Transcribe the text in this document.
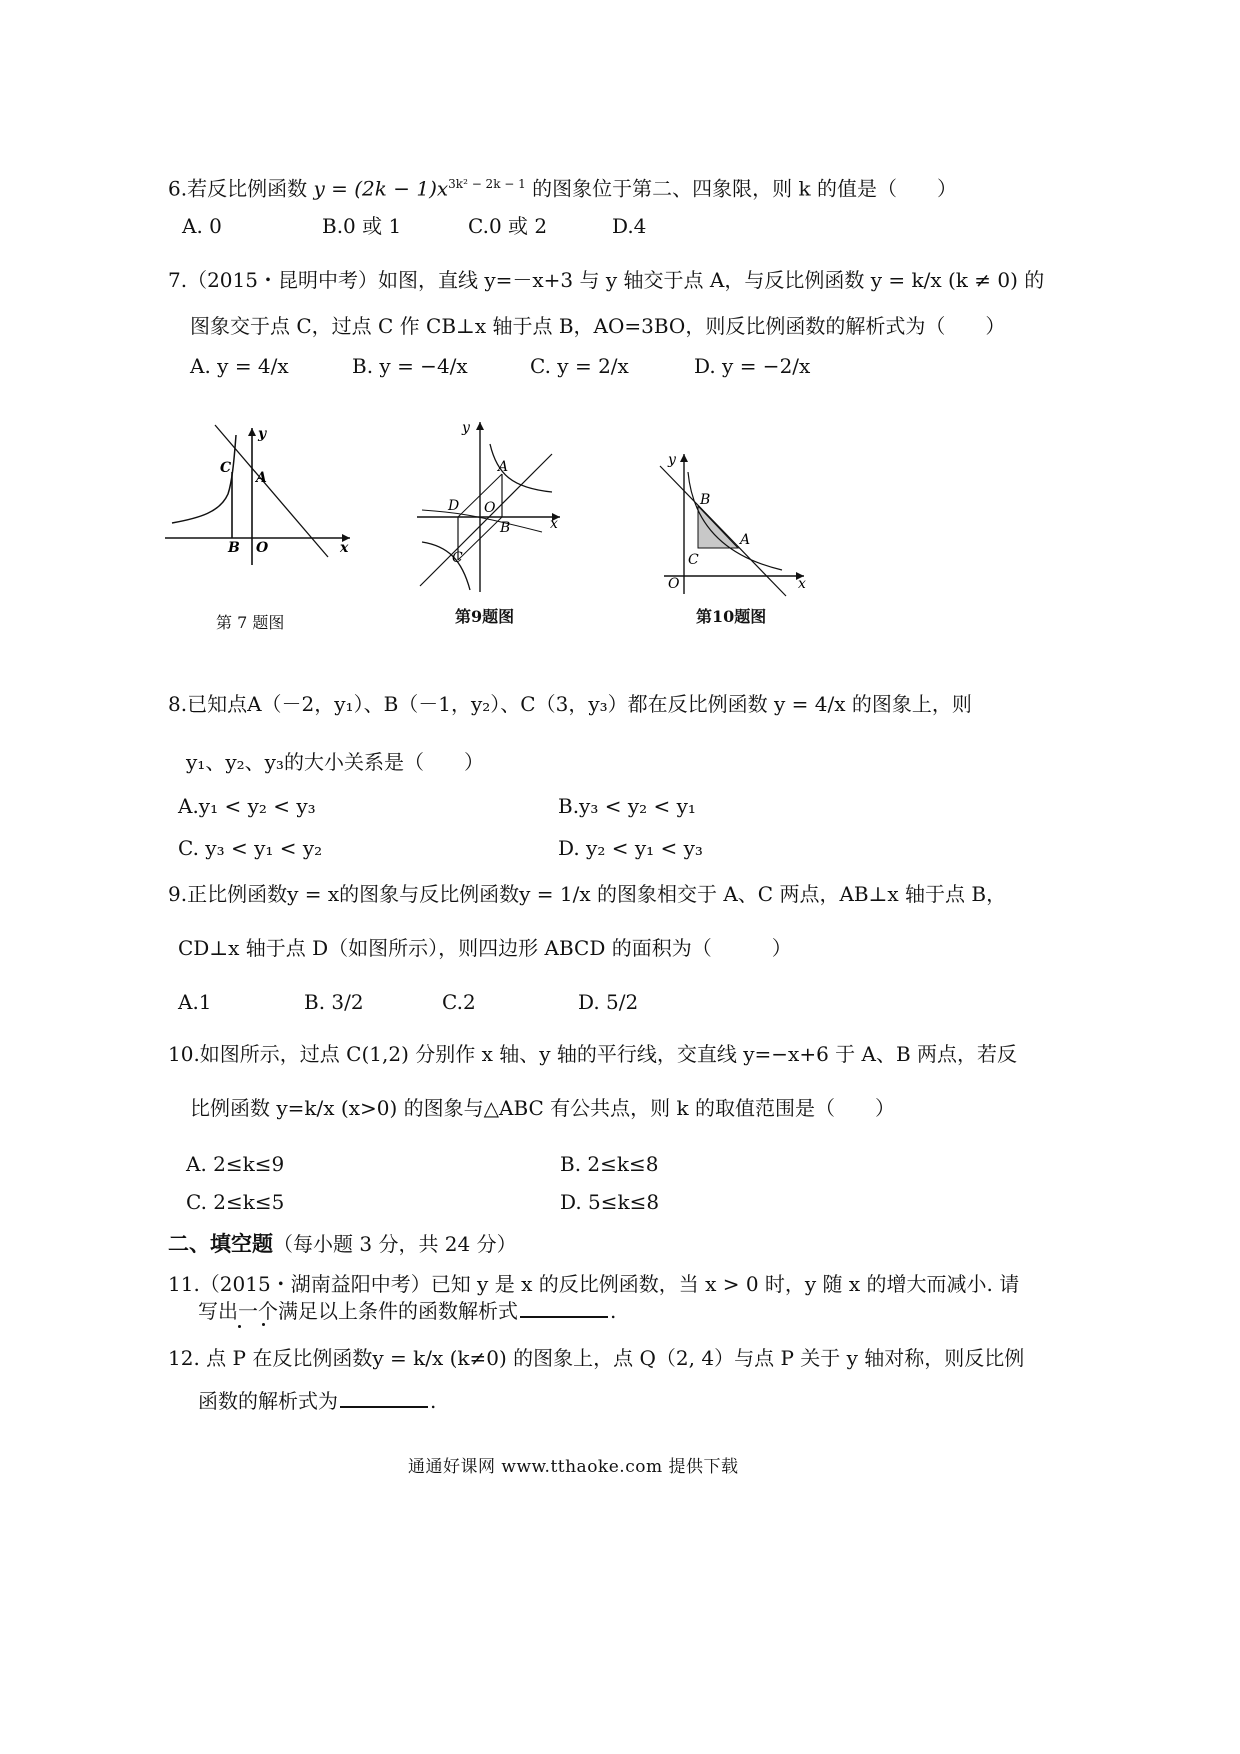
6.若反比例函数 $y = (2k - 1)x^{3k^2 - 2k - 1}$ 的图象位于第二、四象限，则 k 的值是（　　）
A. 0	B.0 或 1	C.0 或 2	D.4
7.（2015・昆明中考）如图，直线 y=－x+3 与 y 轴交于点 A，与反比例函数 y = k/x (k ≠ 0) 的
图象交于点 C，过点 C 作 CB⊥x 轴于点 B，AO=3BO，则反比例函数的解析式为（　　）
A. y = 4/x	B. y = −4/x	C. y = 2/x	D. y = −2/x
C
A
B O
y
x
第 7 题图
D
A
O
B
C
y
x
第9题图
B
A
C
O
y
x
第10题图
8.已知点A（－2，y₁）、B（－1，y₂）、C（3，y₃）都在反比例函数 y = 4/x 的图象上，则
y₁、y₂、y₃的大小关系是（　　）
A.y₁ < y₂ < y₃	B.y₃ < y₂ < y₁
C. y₃ < y₁ < y₂	D. y₂ < y₁ < y₃
9.正比例函数y = x的图象与反比例函数y = 1/x 的图象相交于 A、C 两点，AB⊥x 轴于点 B，
CD⊥x 轴于点 D（如图所示），则四边形 ABCD 的面积为（　　　）
A.1	B. 3/2	C.2	D. 5/2
10.如图所示，过点 C(1,2) 分别作 x 轴、y 轴的平行线，交直线 y=−x+6 于 A、B 两点，若反
比例函数 y=k/x (x>0) 的图象与△ABC 有公共点，则 k 的取值范围是（　　）
A. 2≤k≤9	B. 2≤k≤8
C. 2≤k≤5	D. 5≤k≤8
二、填空题（每小题 3 分，共 24 分）
11.（2015・湖南益阳中考）已知 y 是 x 的反比例函数，当 x > 0 时，y 随 x 的增大而减小. 请
写出一个满足以上条件的函数解析式	.
12. 点 P 在反比例函数y = k/x (k≠0) 的图象上，点 Q（2, 4）与点 P 关于 y 轴对称，则反比例
函数的解析式为	.
通通好课网 www.tthaoke.com 提供下载
